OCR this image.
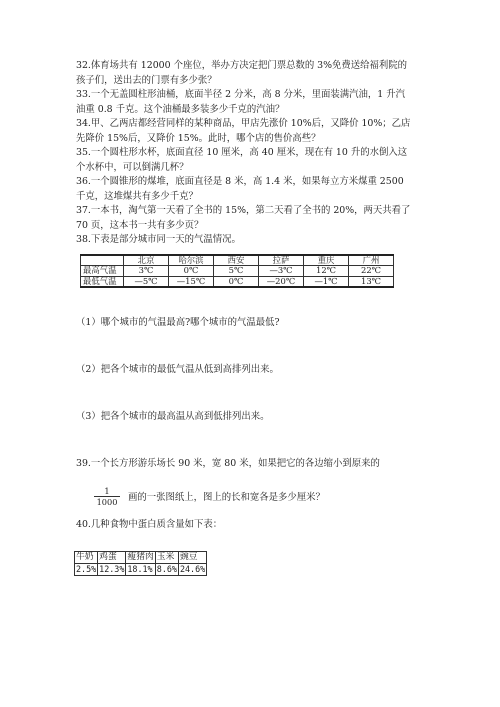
32.体育场共有 12000 个座位，举办方决定把门票总数的 3%免费送给福利院的
孩子们，送出去的门票有多少张？

33.一个无盖圆柱形油桶，底面半径 2 分米，高 8 分米，里面装满汽油，1 升汽
油重 0.8 千克。这个油桶最多装多少千克的汽油？

34.甲、乙两店都经营同样的某种商品，甲店先涨价 10%后，又降价 10%；乙店
先降价 15%后，又降价 15%。此时，哪个店的售价高些？

35.一个圆柱形水杯，底面直径 10 厘米，高 40 厘米，现在有 10 升的水倒入这
个水杯中，可以倒满几杯？

36.一个圆锥形的煤堆，底面直径是 8 米，高 1.4 米，如果每立方米煤重 2500
千克，这堆煤共有多少千克？

37.一本书，淘气第一天看了全书的 15%，第二天看了全书的 20%，两天共看了
70 页，这本书一共有多少页？

38.下表是部分城市同一天的气温情况。

	北京	哈尔滨	西安	拉萨	重庆	广州
最高气温	3℃	0℃	5℃	—3℃	12℃	22℃
最低气温	—5℃	—15℃	0℃	—20℃	—1℃	13℃

（1）哪个城市的气温最高?哪个城市的气温最低?

（2）把各个城市的最低气温从低到高排列出来。

（3）把各个城市的最高温从高到低排列出来。

39.一个长方形游乐场长 90 米，宽 80 米，如果把它的各边缩小到原来的

$\frac{1}{1000}$ 画的一张图纸上，图上的长和宽各是多少厘米？

40.几种食物中蛋白质含量如下表：

牛奶	鸡蛋	瘦猪肉	玉米	豌豆
2.5%	12.3%	18.1%	8.6%	24.6%
